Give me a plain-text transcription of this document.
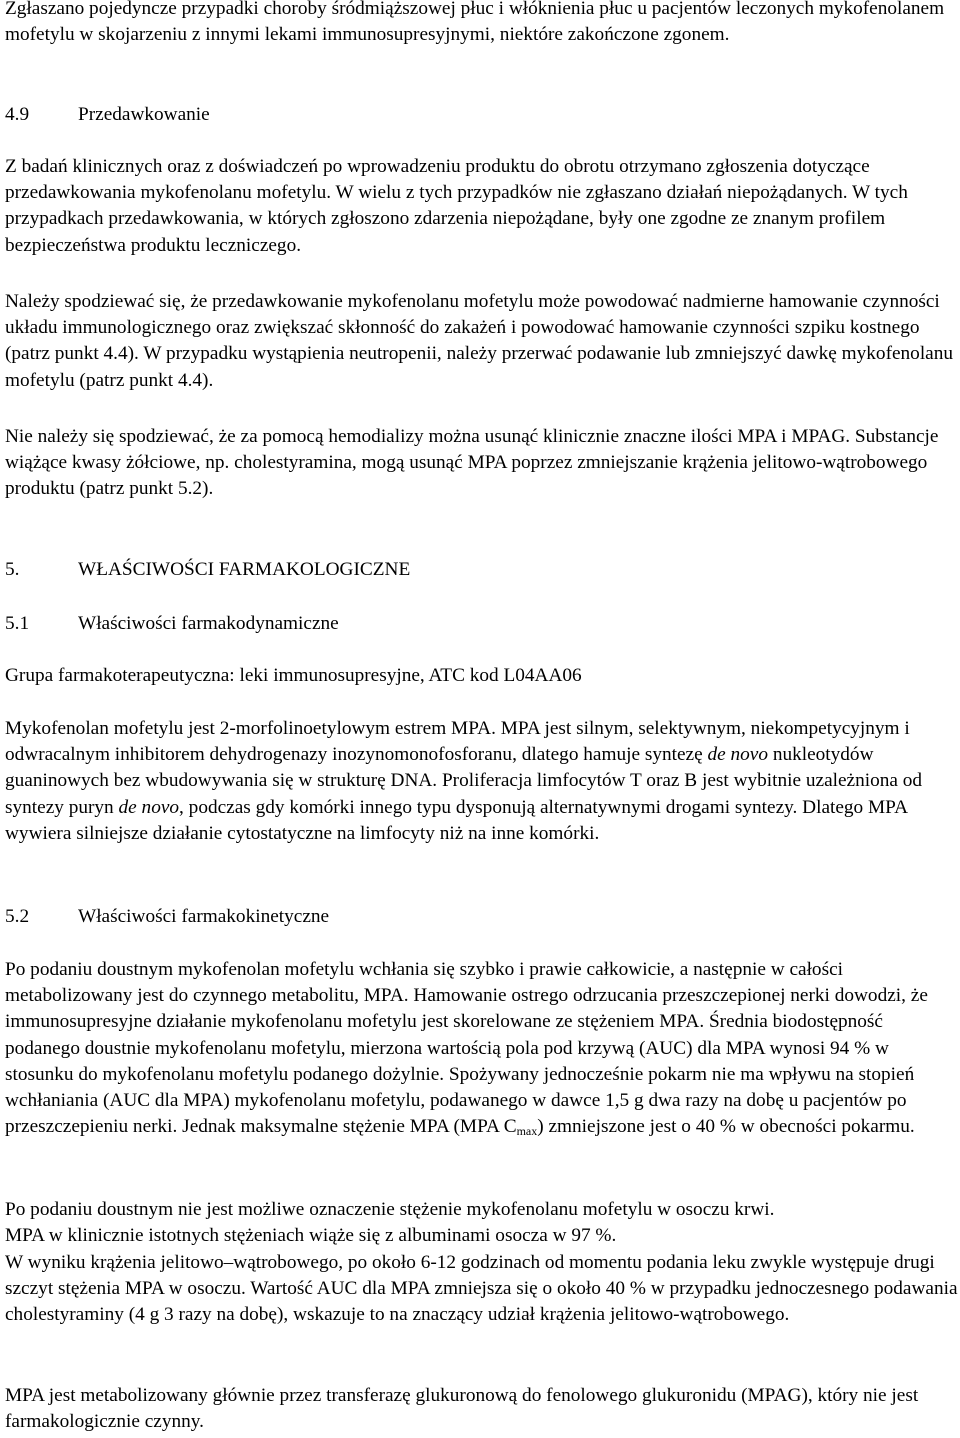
Zgłaszano pojedyncze przypadki choroby śródmiąższowej płuc i włóknienia płuc u pacjentów leczonych mykofenolanem mofetylu w skojarzeniu z innymi lekami immunosupresyjnymi, niektóre zakończone zgonem.

4.9	Przedawkowanie

Z badań klinicznych oraz z doświadczeń po wprowadzeniu produktu do obrotu otrzymano zgłoszenia dotyczące przedawkowania mykofenolanu mofetylu. W wielu z tych przypadków nie zgłaszano działań niepożądanych. W tych przypadkach przedawkowania, w których zgłoszono zdarzenia niepożądane, były one zgodne ze znanym profilem bezpieczeństwa produktu leczniczego.

Należy spodziewać się, że przedawkowanie mykofenolanu mofetylu może powodować nadmierne hamowanie czynności układu immunologicznego oraz zwiększać skłonność do zakażeń i powodować hamowanie czynności szpiku kostnego (patrz punkt 4.4). W przypadku wystąpienia neutropenii, należy przerwać podawanie lub zmniejszyć dawkę mykofenolanu mofetylu (patrz punkt 4.4).

Nie należy się spodziewać, że za pomocą hemodializy można usunąć klinicznie znaczne ilości MPA i MPAG. Substancje wiążące kwasy żółciowe, np. cholestyramina, mogą usunąć MPA poprzez zmniejszanie krążenia jelitowo-wątrobowego produktu (patrz punkt 5.2).

5.	WŁAŚCIWOŚCI FARMAKOLOGICZNE
5.1	Właściwości farmakodynamiczne

Grupa farmakoterapeutyczna: leki immunosupresyjne, ATC kod L04AA06

Mykofenolan mofetylu jest 2-morfolinoetylowym estrem MPA. MPA jest silnym, selektywnym, niekompetycyjnym i odwracalnym inhibitorem dehydrogenazy inozynomonofosforanu, dlatego hamuje syntezę de novo nukleotydów guaninowych bez wbudowywania się w strukturę DNA. Proliferacja limfocytów T oraz B jest wybitnie uzależniona od syntezy puryn de novo, podczas gdy komórki innego typu dysponują alternatywnymi drogami syntezy. Dlatego MPA wywiera silniejsze działanie cytostatyczne na limfocyty niż na inne komórki.

5.2	Właściwości farmakokinetyczne

Po podaniu doustnym mykofenolan mofetylu wchłania się szybko i prawie całkowicie, a następnie w całości metabolizowany jest do czynnego metabolitu, MPA. Hamowanie ostrego odrzucania przeszczepionej nerki dowodzi, że immunosupresyjne działanie mykofenolanu mofetylu jest skorelowane ze stężeniem MPA. Średnia biodostępność podanego doustnie mykofenolanu mofetylu, mierzona wartością pola pod krzywą (AUC) dla MPA wynosi 94 % w stosunku do mykofenolanu mofetylu podanego dożylnie. Spożywany jednocześnie pokarm nie ma wpływu na stopień wchłaniania (AUC dla MPA) mykofenolanu mofetylu, podawanego w dawce 1,5 g dwa razy na dobę u pacjentów po przeszczepieniu nerki. Jednak maksymalne stężenie MPA (MPA $C_{max}$) zmniejszone jest o 40 % w obecności pokarmu.

Po podaniu doustnym nie jest możliwe oznaczenie stężenie mykofenolanu mofetylu w osoczu krwi.

MPA w klinicznie istotnych stężeniach wiąże się z albuminami osocza w 97 %.

W wyniku krążenia jelitowo–wątrobowego, po około 6-12 godzinach od momentu podania leku zwykle występuje drugi szczyt stężenia MPA w osoczu. Wartość AUC dla MPA zmniejsza się o około 40 % w przypadku jednoczesnego podawania cholestyraminy (4 g 3 razy na dobę), wskazuje to na znaczący udział krążenia jelitowo-wątrobowego.

MPA jest metabolizowany głównie przez transferazę glukuronową do fenolowego glukuronidu (MPAG), który nie jest farmakologicznie czynny.
